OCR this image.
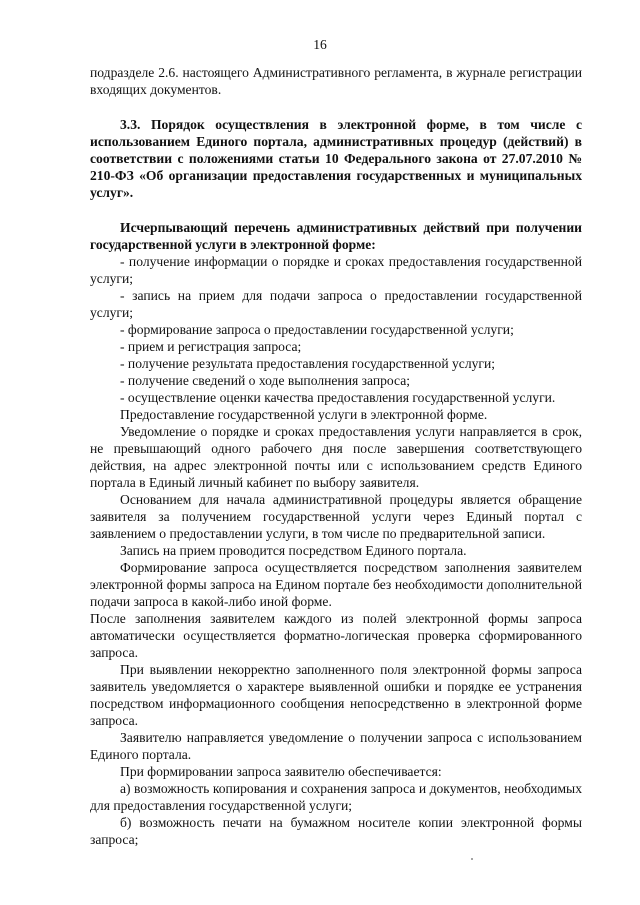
16

подразделе 2.6. настоящего Административного регламента, в журнале регистрации входящих документов.

3.3. Порядок осуществления в электронной форме, в том числе с использованием Единого портала, административных процедур (действий) в соответствии с положениями статьи 10 Федерального закона от 27.07.2010 № 210-ФЗ «Об организации предоставления государственных и муниципальных услуг».

Исчерпывающий перечень административных действий при получении государственной услуги в электронной форме:

- получение информации о порядке и сроках предоставления государственной услуги;

- запись на прием для подачи запроса о предоставлении государственной услуги;

- формирование запроса о предоставлении государственной услуги;

- прием и регистрация запроса;

- получение результата предоставления государственной услуги;

- получение сведений о ходе выполнения запроса;

- осуществление оценки качества предоставления государственной услуги.

Предоставление государственной услуги в электронной форме.

Уведомление о порядке и сроках предоставления услуги направляется в срок, не превышающий одного рабочего дня после завершения соответствующего действия, на адрес электронной почты или с использованием средств Единого портала в Единый личный кабинет по выбору заявителя.

Основанием для начала административной процедуры является обращение заявителя за получением государственной услуги через Единый портал с заявлением о предоставлении услуги, в том числе по предварительной записи.

Запись на прием проводится посредством Единого портала.

Формирование запроса осуществляется посредством заполнения заявителем электронной формы запроса на Едином портале без необходимости дополнительной подачи запроса в какой-либо иной форме.

После заполнения заявителем каждого из полей электронной формы запроса автоматически осуществляется форматно-логическая проверка сформированного запроса.

При выявлении некорректно заполненного поля электронной формы запроса заявитель уведомляется о характере выявленной ошибки и порядке ее устранения посредством информационного сообщения непосредственно в электронной форме запроса.

Заявителю направляется уведомление о получении запроса с использованием Единого портала.

При формировании запроса заявителю обеспечивается:

а) возможность копирования и сохранения запроса и документов, необходимых для предоставления государственной услуги;

б) возможность печати на бумажном носителе копии электронной формы запроса;
